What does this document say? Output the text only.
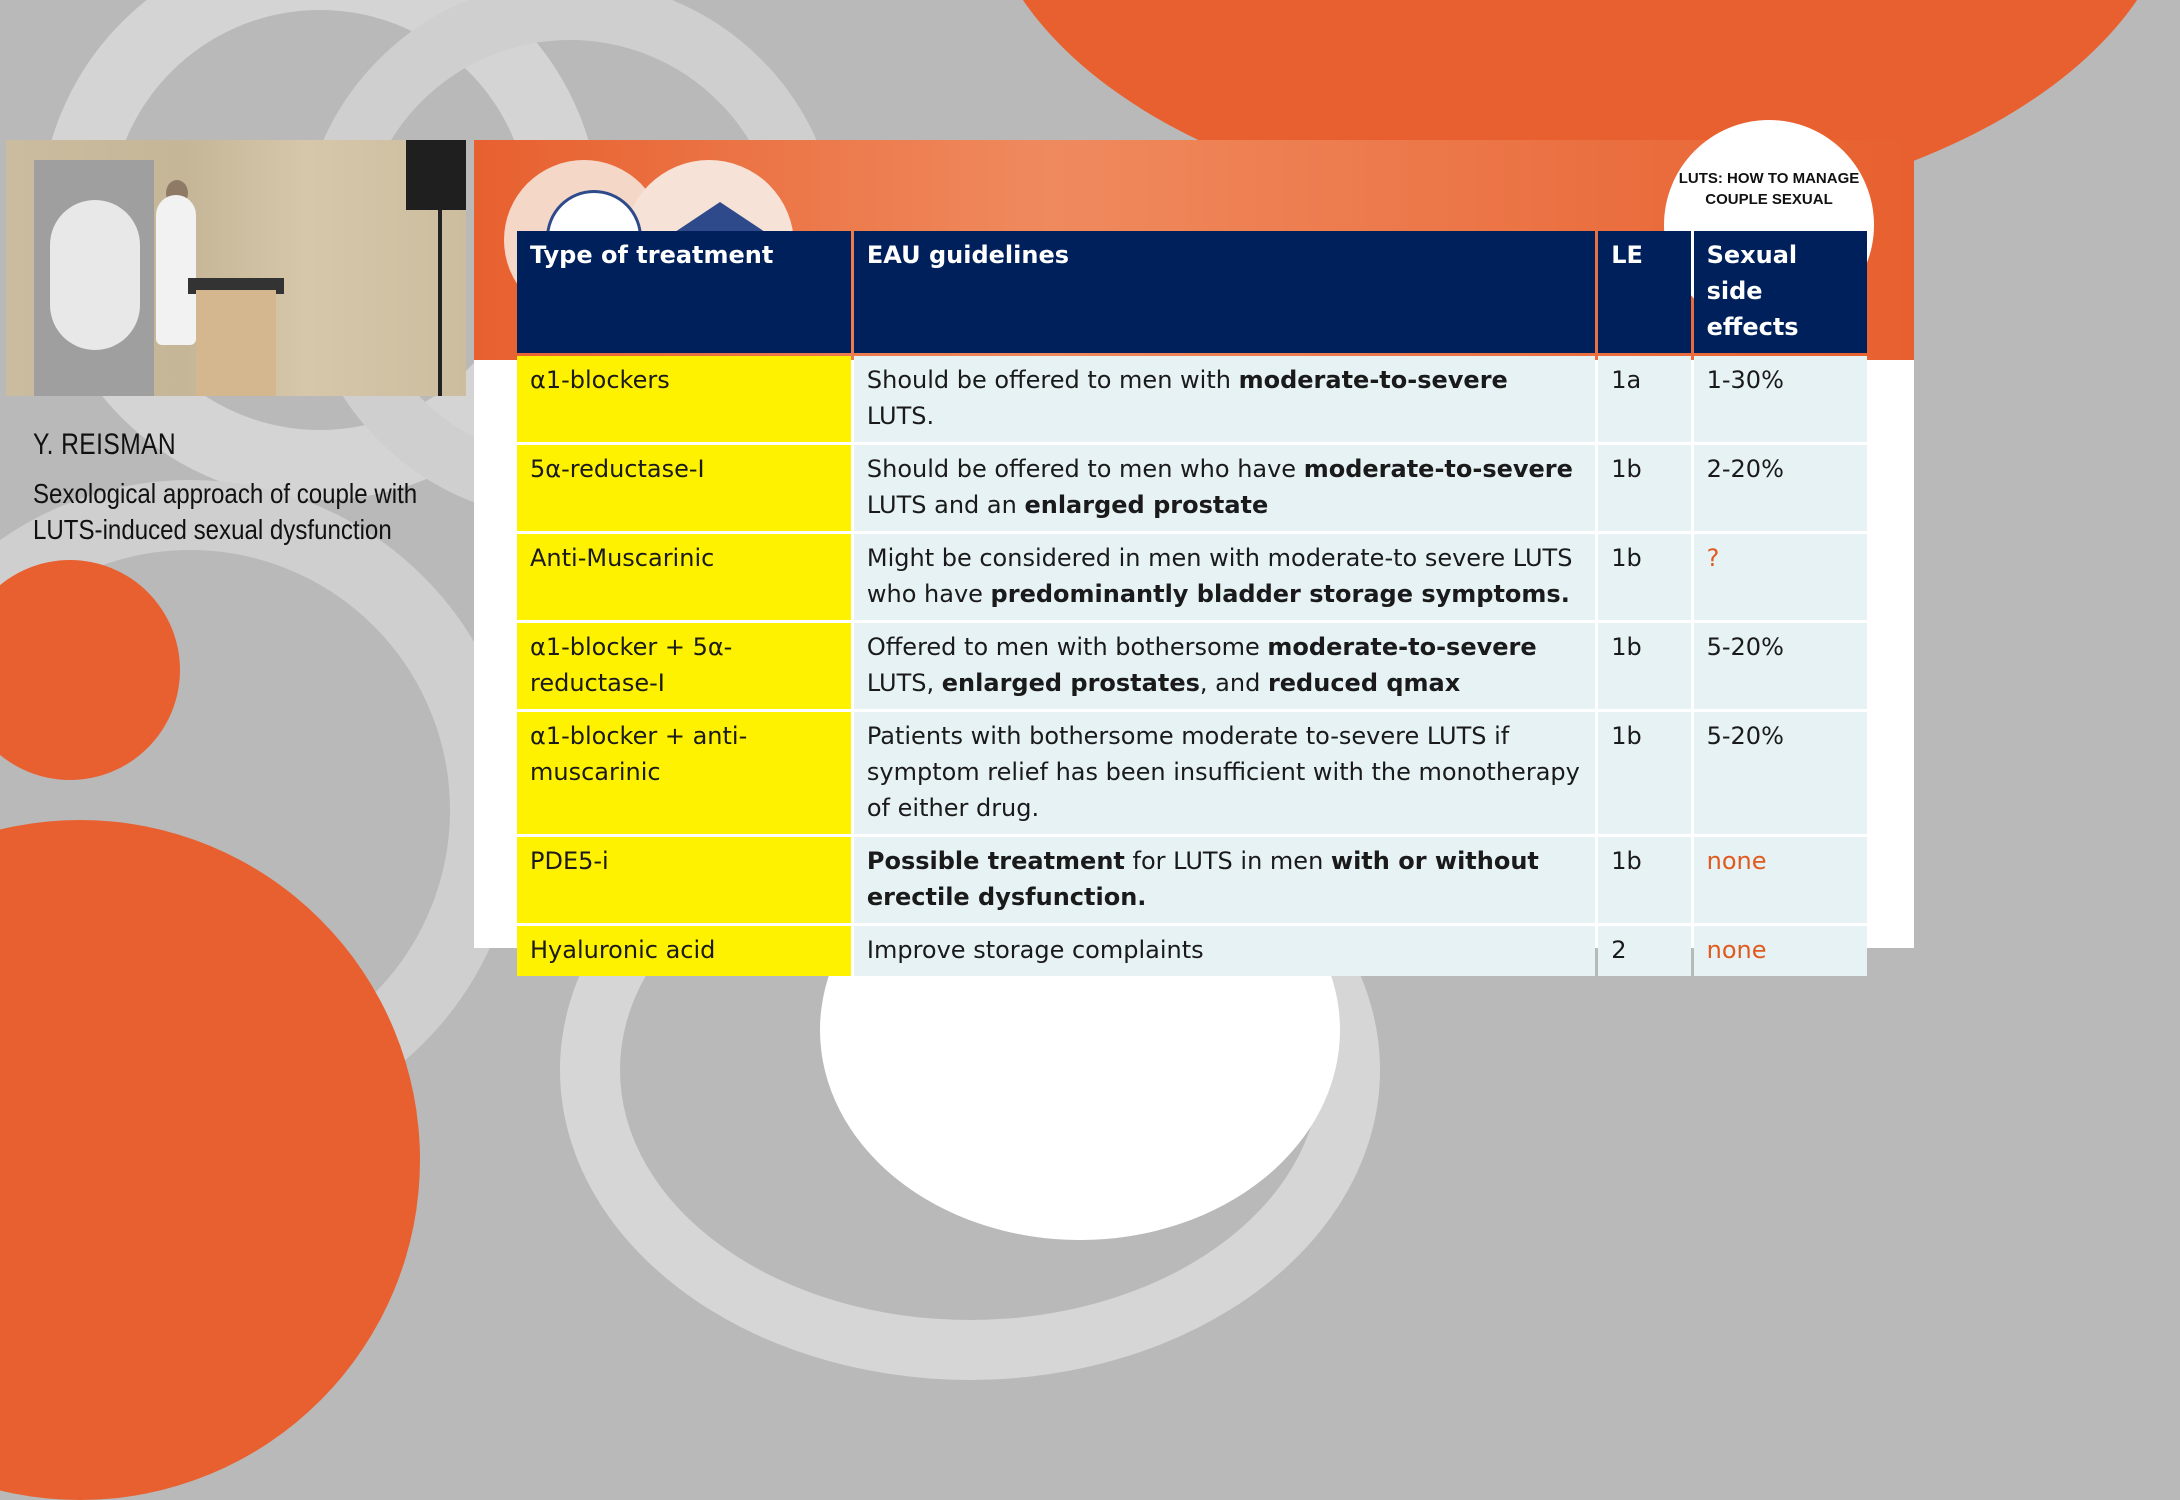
Y. REISMAN
Sexological approach of couple with LUTS-induced sexual dysfunction
LUTS: HOW TO MANAGE COUPLE SEXUAL
Type of treatment	EAU guidelines	LE	Sexual side effects
α1-blockers	Should be offered to men with moderate-to-severe LUTS.	1a	1-30%
5α-reductase-I	Should be offered to men who have moderate-to-severe LUTS and an enlarged prostate	1b	2-20%
Anti-Muscarinic	Might be considered in men with moderate-to severe LUTS who have predominantly bladder storage symptoms.	1b	?
α1-blocker + 5α-reductase-I	Offered to men with bothersome moderate-to-severe LUTS, enlarged prostates, and reduced qmax	1b	5-20%
α1-blocker + anti-muscarinic	Patients with bothersome moderate to-severe LUTS if symptom relief has been insufficient with the monotherapy of either drug.	1b	5-20%
PDE5-i	Possible treatment for LUTS in men with or without erectile dysfunction.	1b	none
Hyaluronic acid	Improve storage complaints	2	none
